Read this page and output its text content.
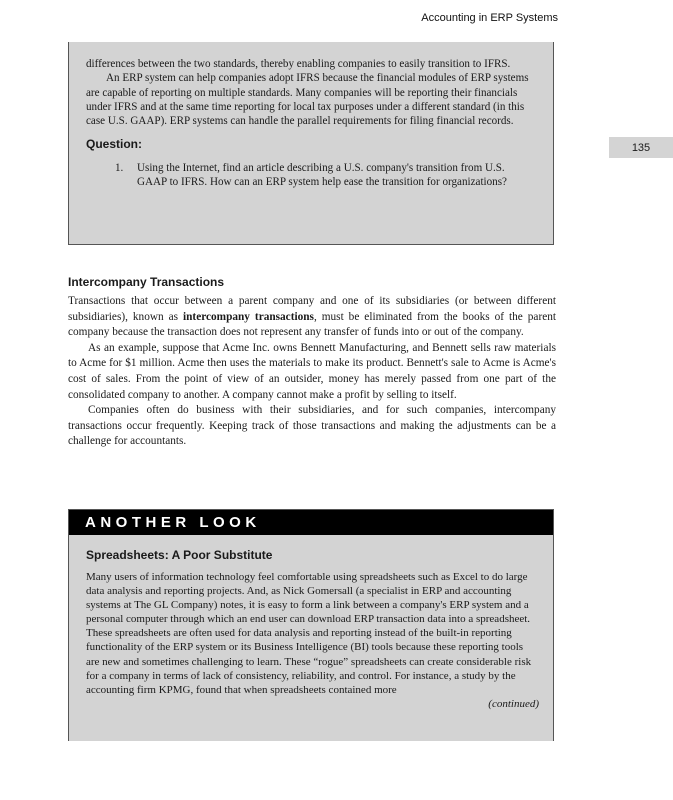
Accounting in ERP Systems
135

differences between the two standards, thereby enabling companies to easily transition to IFRS.

An ERP system can help companies adopt IFRS because the financial modules of ERP systems are capable of reporting on multiple standards. Many companies will be reporting their financials under IFRS and at the same time reporting for local tax purposes under a different standard (in this case U.S. GAAP). ERP systems can handle the parallel requirements for filing financial records.

Question:
1.	Using the Internet, find an article describing a U.S. company's transition from U.S. GAAP to IFRS. How can an ERP system help ease the transition for organizations?
Intercompany Transactions

Transactions that occur between a parent company and one of its subsidiaries (or between different subsidiaries), known as intercompany transactions, must be eliminated from the books of the parent company because the transaction does not represent any transfer of funds into or out of the company.

As an example, suppose that Acme Inc. owns Bennett Manufacturing, and Bennett sells raw materials to Acme for $1 million. Acme then uses the materials to make its product. Bennett's sale to Acme is Acme's cost of sales. From the point of view of an outsider, money has merely passed from one part of the consolidated company to another. A company cannot make a profit by selling to itself.

Companies often do business with their subsidiaries, and for such companies, intercompany transactions occur frequently. Keeping track of those transactions and making the adjustments can be a challenge for accountants.

ANOTHER LOOK
Spreadsheets: A Poor Substitute
Many users of information technology feel comfortable using spreadsheets such as Excel to do large data analysis and reporting projects. And, as Nick Gomersall (a specialist in ERP and accounting systems at The GL Company) notes, it is easy to form a link between a company's ERP system and a personal computer through which an end user can download ERP transaction data into a spreadsheet. These spreadsheets are often used for data analysis and reporting instead of the built-in reporting functionality of the ERP system or its Business Intelligence (BI) tools because these reporting tools are new and sometimes challenging to learn. These “rogue” spreadsheets can create considerable risk for a company in terms of lack of consistency, reliability, and control. For instance, a study by the accounting firm KPMG, found that when spreadsheets contained more
(continued)
